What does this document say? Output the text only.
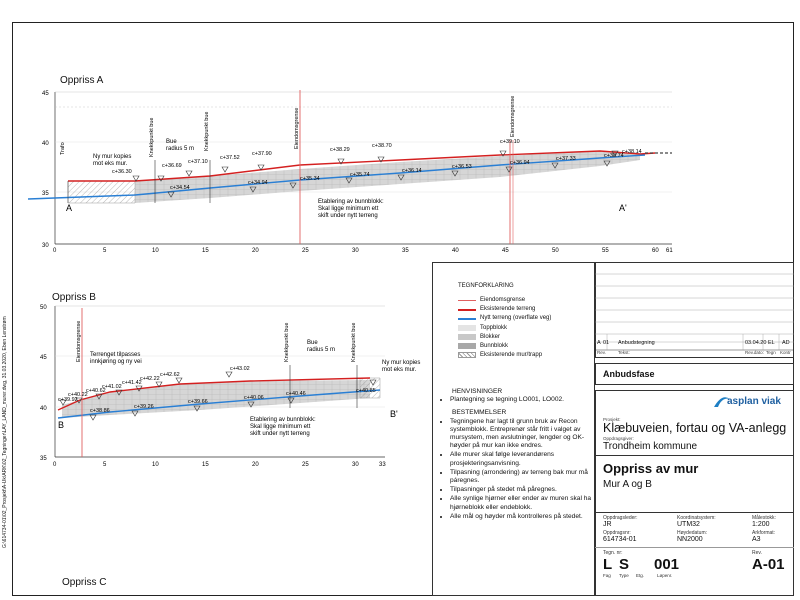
G:\614734-01\02_Prosjekt\A-Uk\ARK\02_Tegninger\LAY_LAND_murer.dwg, 31.03.2020, Eben Lenstrøm
Oppriss A
45
40
35
30
0	5	10	15	20	25	30	35	40	45	50	55	60 61
Trafo	Knekkpunkt bue	Knekkpunkt bue	Eiendomsgrense	Eiendomsgrense
Bue
radius 5 m
Ny mur kopies
mot eks mur.
Etablering av bunnblokk:
Skal ligge minimum ett
skift under nytt terreng
A	A'
c+36.30
c+36.69
c+37.10
c+37.52
c+37.90
c+38.29
c+38.70
c+39.10
c+38.74
c+38.14
c+34.54
c+34.94
c+35.34
c+35.74
c+36.14
c+36.53
c+36.94
c+37.33
Oppriss B
50
45
40
35
0	5	10	15	20	25	30	33
Eiendomsgrense	Knekkpunkt bue	Knekkpunkt bue
Bue
radius 5 m
Terrenget tilpasses
innkjøring og ny vei	Ny mur kopies
mot eks mur.
Etablering av bunnblokk:
Skal ligge minimum ett
skift under nytt terreng
B
B'
c+39.92
c+40.22
c+40.62
c+41.02
c+41.42
c+42.22
c+42.62
c+43.02
c+40.85
c+38.86
c+39.26
c+39.66
c+40.06
c+40.46
Oppriss C
TEGNFORKLARING
Eiendomsgrense
Eksisterende terreng
Nytt terreng (overflate veg)
Toppblokk
Blokker
Bunnblokk
Eksisterende mur/trapp
HENVISNINGER
• Plantegning se tegning LO001, LO002.
BESTEMMELSER
• Tegningene har lagt til grunn bruk av Recon systemblokk. Entreprenør står fritt i valget av mursystem, men avslutninger, lengder og OK-høyder på mur kan ikke endres.
• Alle murer skal følge leverandørens prosjekteringsanvisning.
• Tilpasning (arrondering) av terreng bak mur må páregnes.
• Tilpasninger på stedet må påregnes.
• Alle synlige hjørner eller ender av muren skal ha hjørneblokk eller endeblokk.
• Alle mål og høyder må kontrolleres på stedet.
A 01 Anbudstegning	03.04.20 EL AD
Rev.	Tekst:	Rev.dato: Tegn Kontr
Anbudsfase
asplan viak
Prosjekt:
Klæbuveien, fortau og VA-anlegg
Oppdragsgiver:
Trondheim kommune
Oppriss av mur
Mur A og B
Oppdragsleder:
JR
Koordinatsystem:
UTM32
Målestokk:
1:200
Oppdragsnr:
614734-01
Høydedatum:
NN2000
Arkformat:
A3
Tegn. nr:	Rev.
L S 001	A-01
Fag Type Etg.	Løpenr.
